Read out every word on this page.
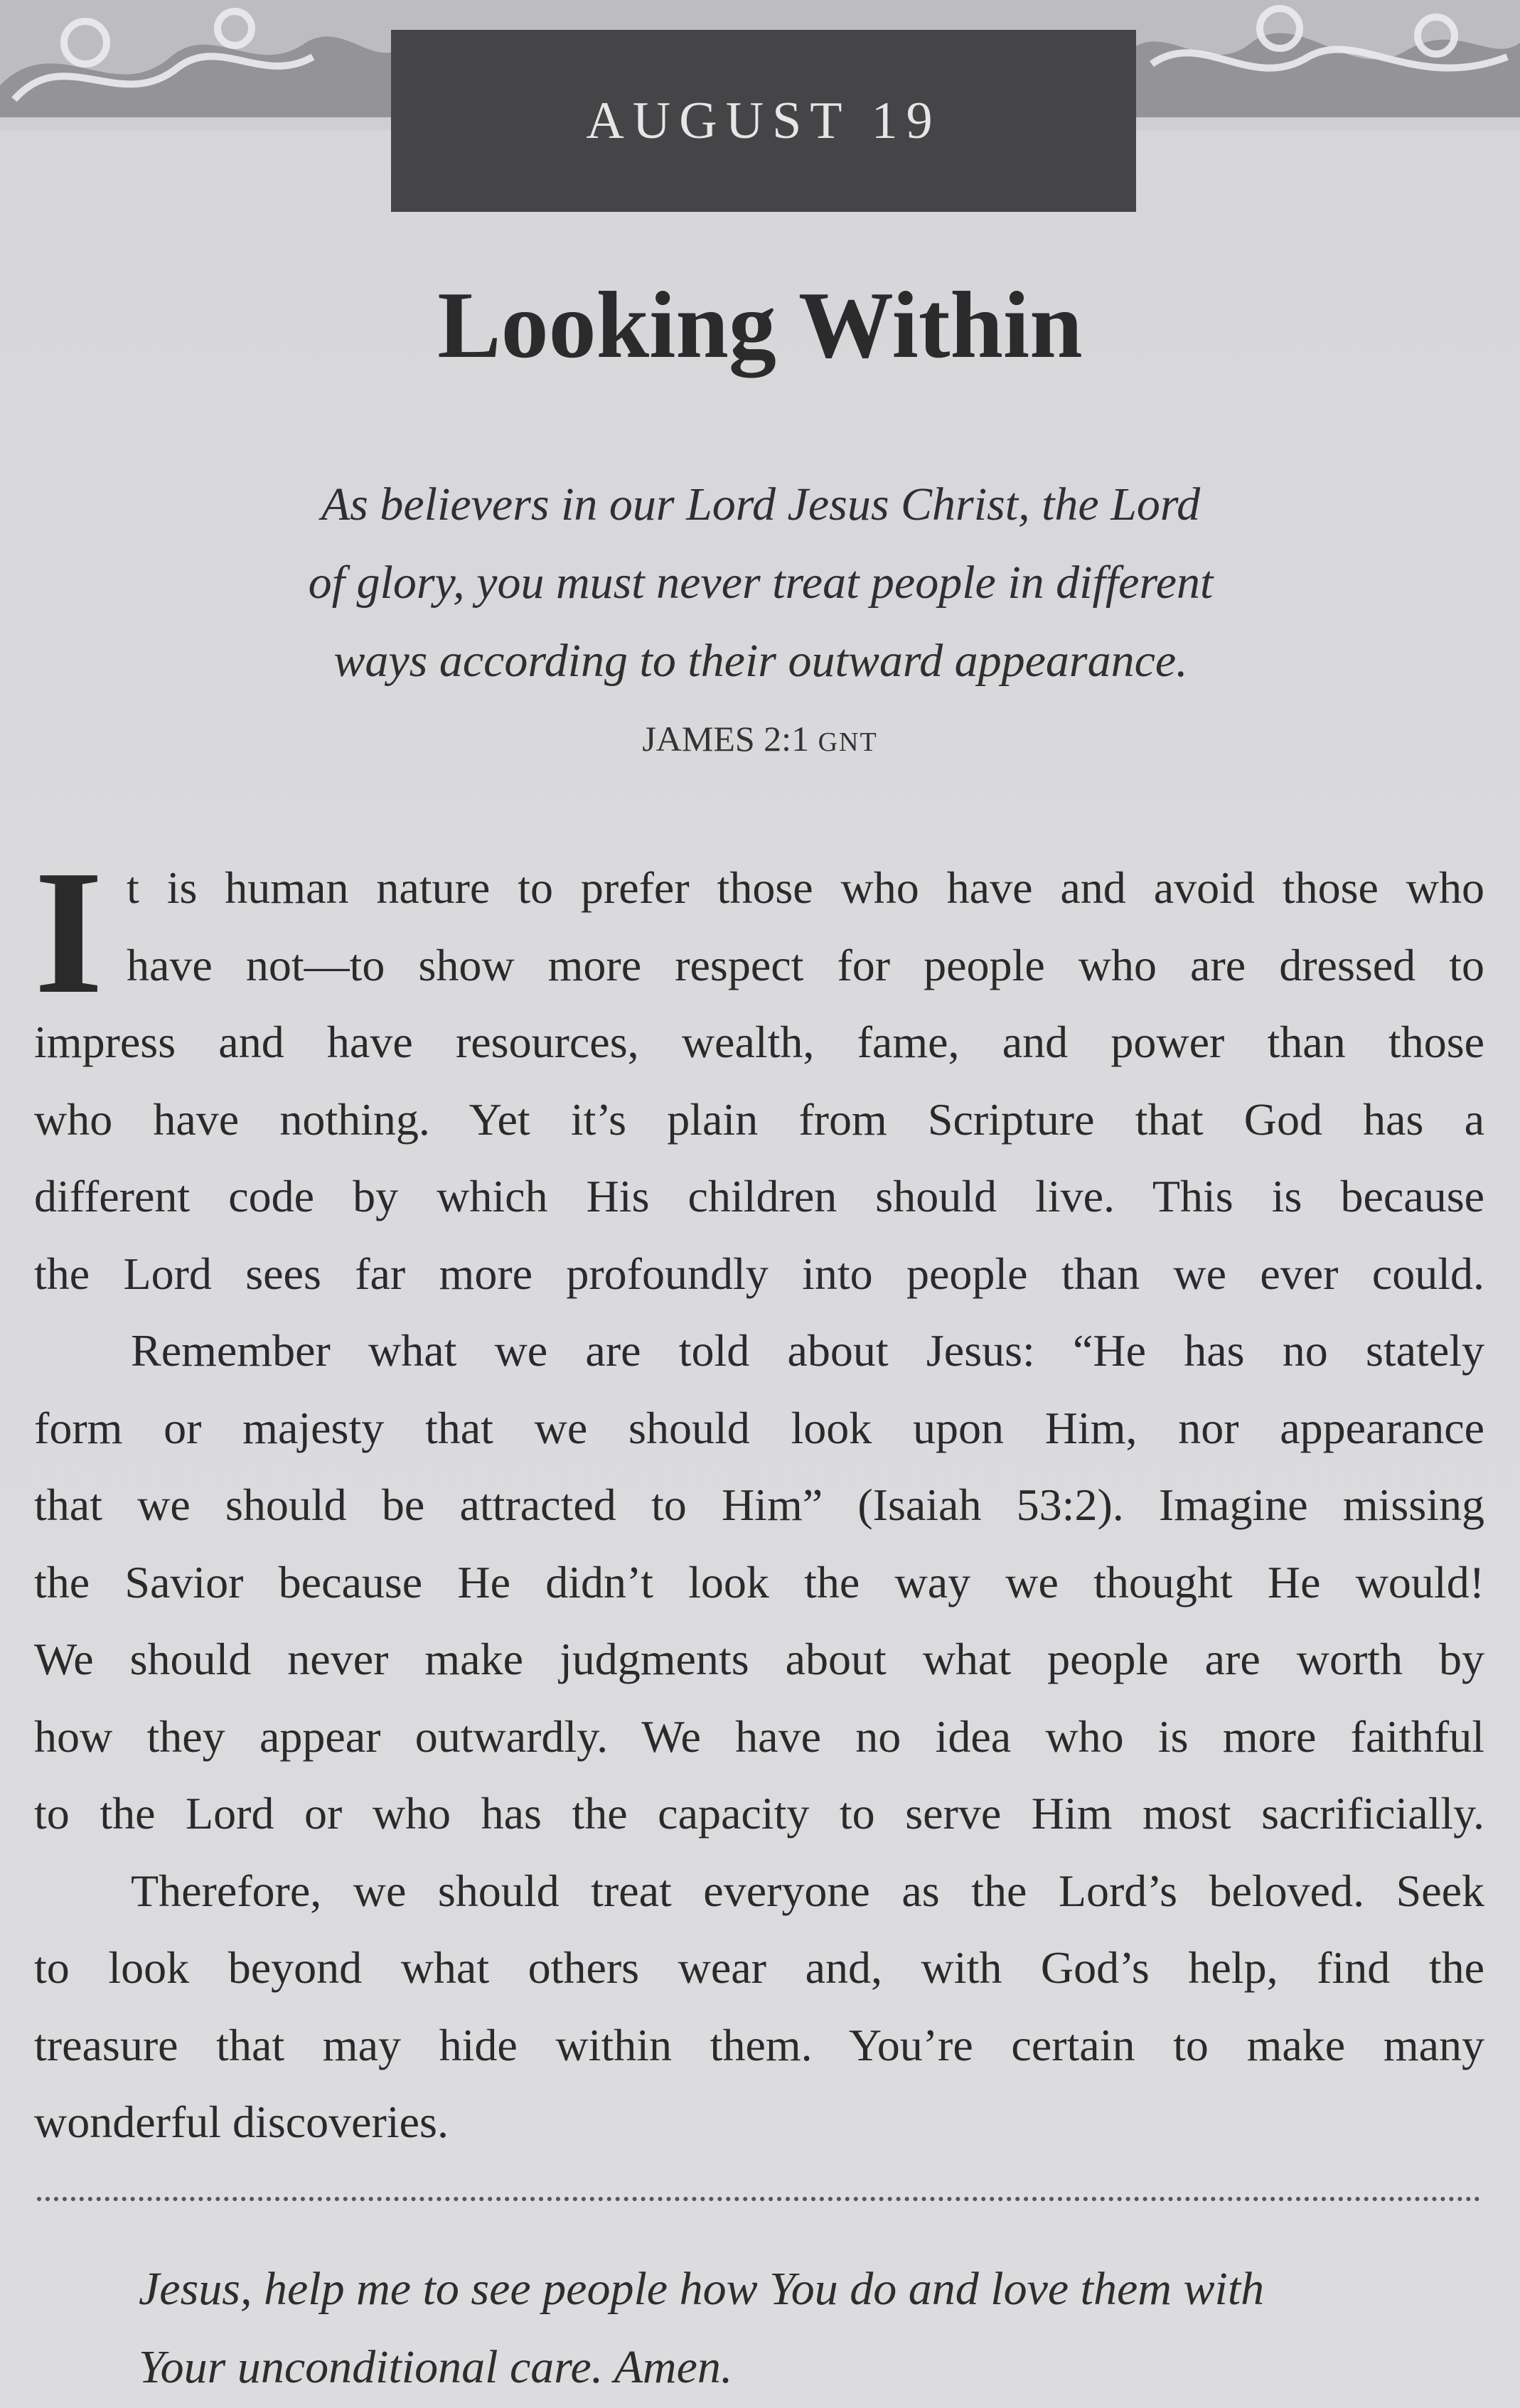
AUGUST 19
Looking Within
As believers in our Lord Jesus Christ, the Lord
of glory, you must never treat people in different
ways according to their outward appearance.
JAMES 2:1 GNT
I t is human nature to prefer those who have and avoid those who
have not—to show more respect for people who are dressed to
impress and have resources, wealth, fame, and power than those
who have nothing. Yet it’s plain from Scripture that God has a
different code by which His children should live. This is because
the Lord sees far more profoundly into people than we ever could.
Remember what we are told about Jesus: “He has no stately
form or majesty that we should look upon Him, nor appearance
that we should be attracted to Him” (Isaiah 53:2). Imagine missing
the Savior because He didn’t look the way we thought He would!
We should never make judgments about what people are worth by
how they appear outwardly. We have no idea who is more faithful
to the Lord or who has the capacity to serve Him most sacrificially.
Therefore, we should treat everyone as the Lord’s beloved. Seek
to look beyond what others wear and, with God’s help, find the
treasure that may hide within them. You’re certain to make many
wonderful discoveries.
Jesus, help me to see people how You do and love them with
Your unconditional care. Amen.
